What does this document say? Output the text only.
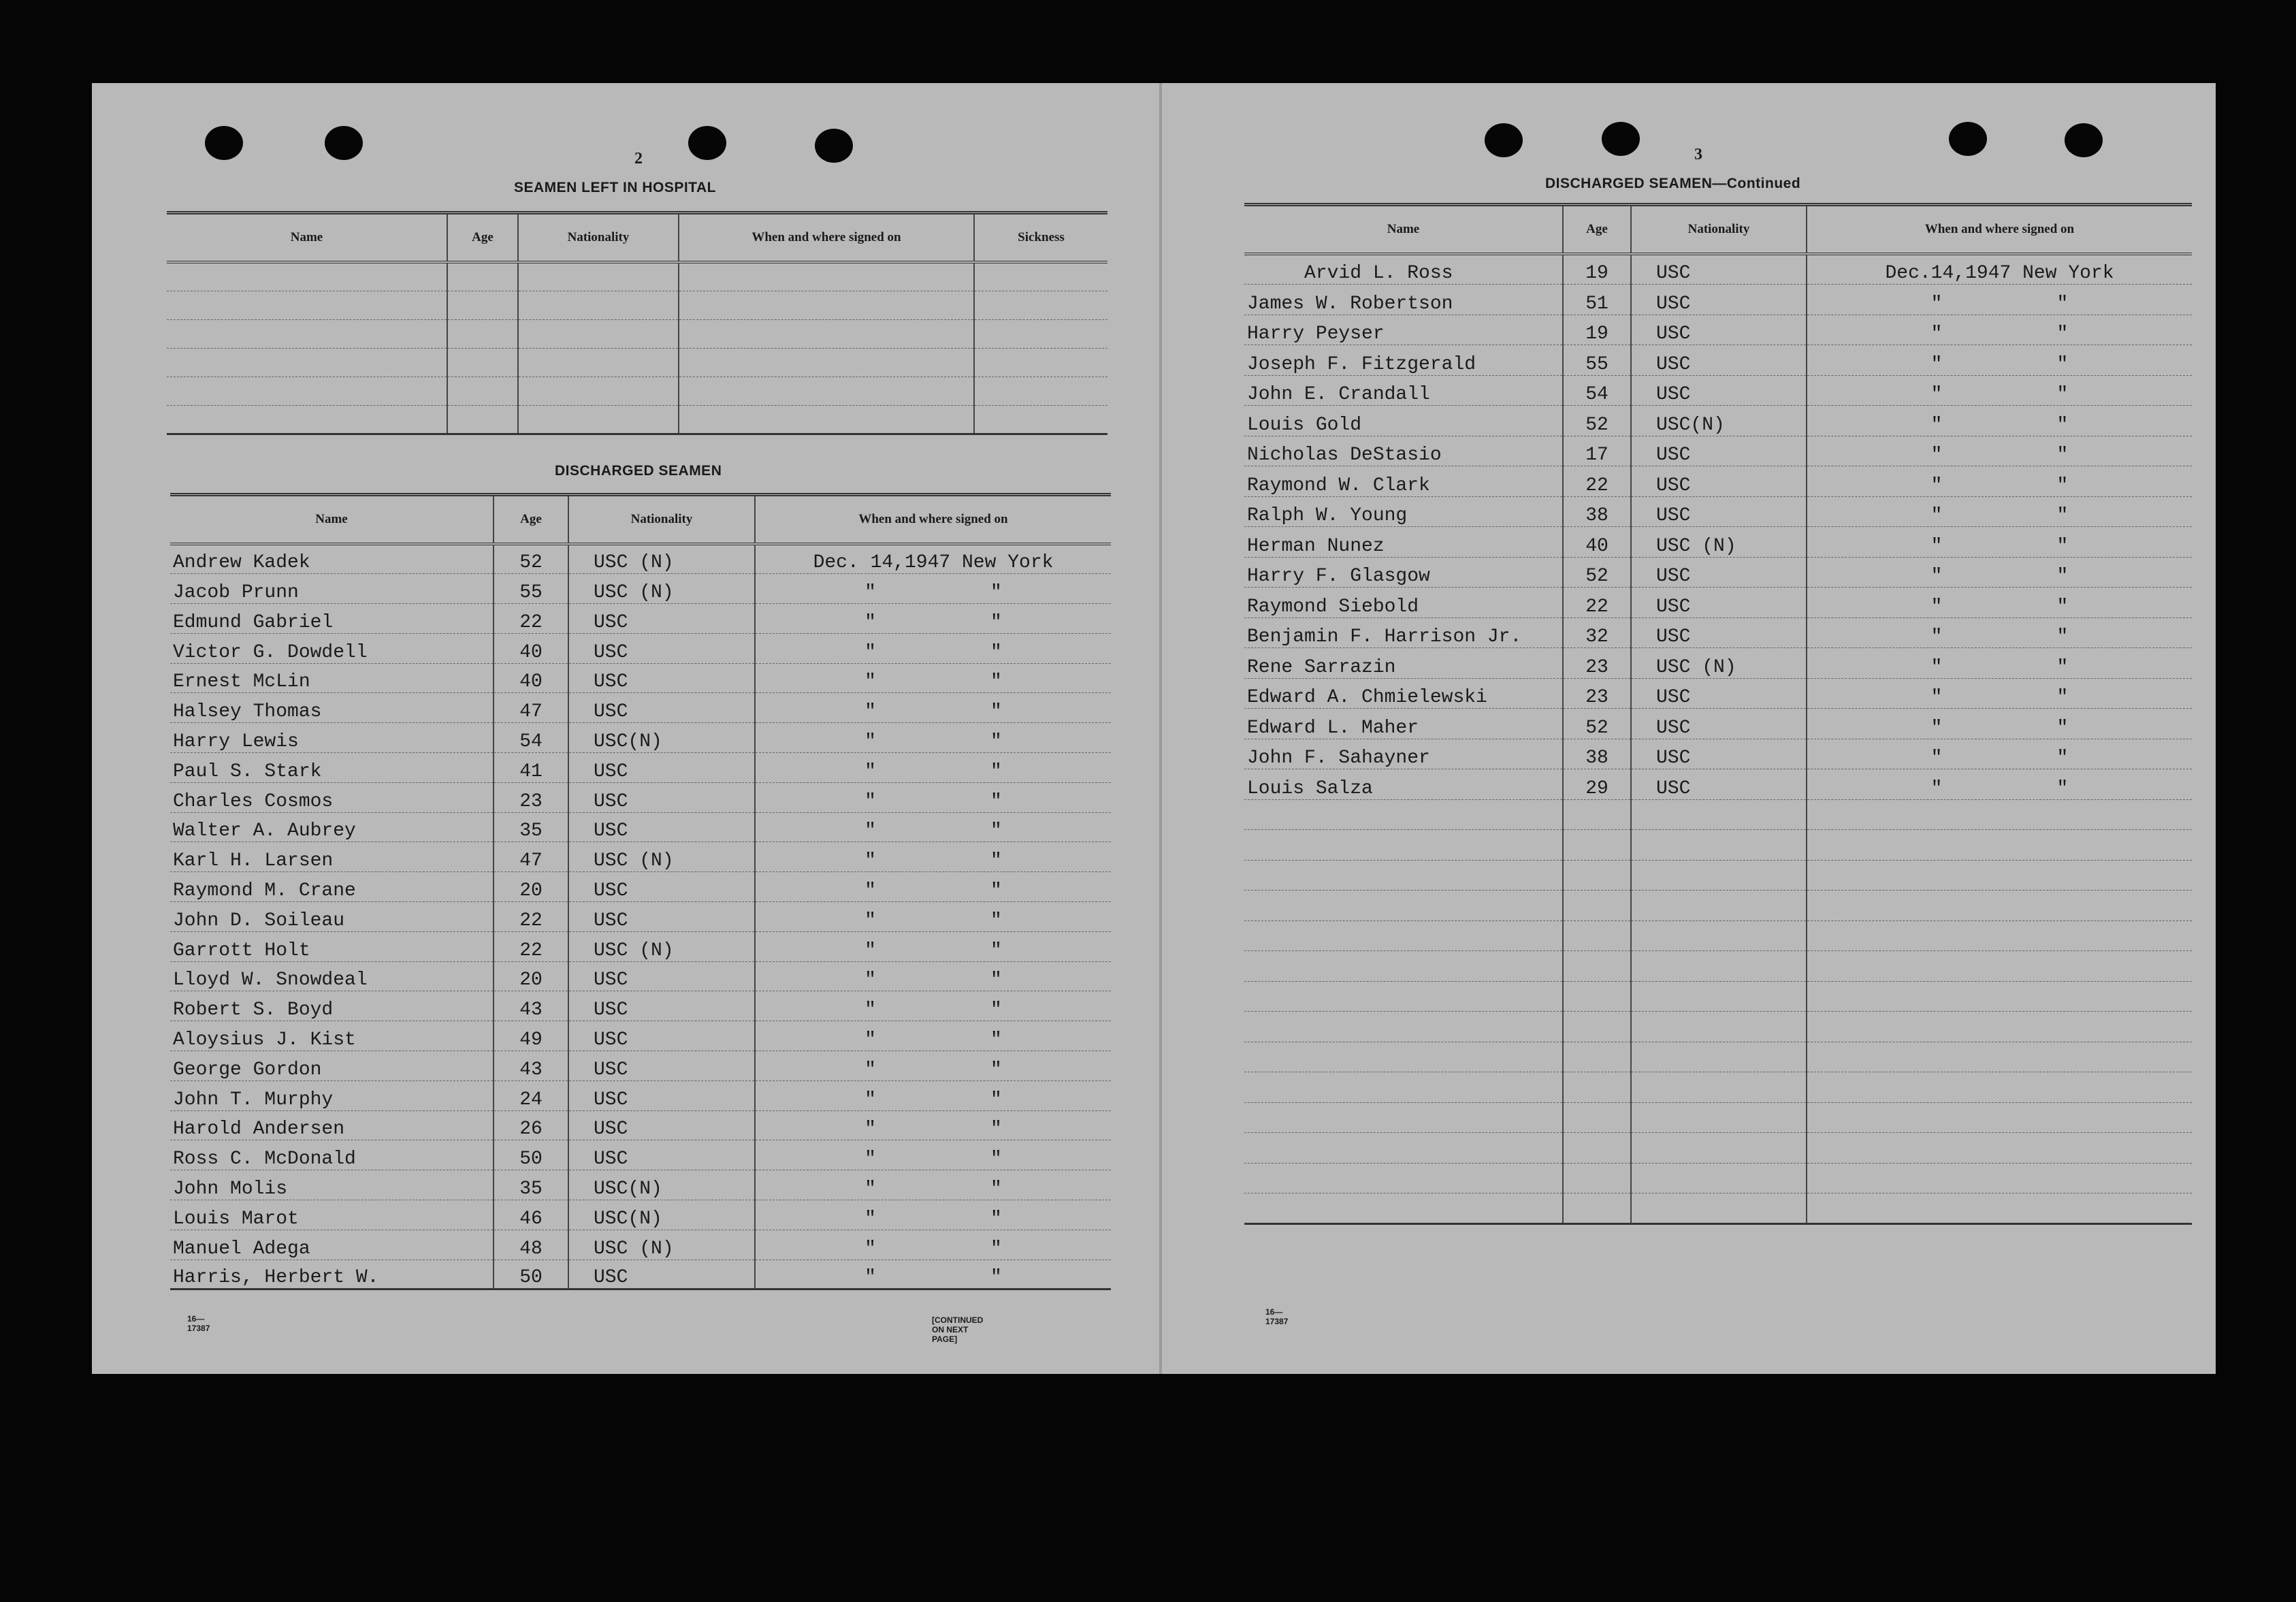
2
SEAMEN LEFT IN HOSPITAL
Name	Age	Nationality	When and where signed on	Sickness

DISCHARGED SEAMEN
Name	Age	Nationality	When and where signed on
Andrew Kadek	52	USC (N)	Dec. 14,1947 New York
Jacob Prunn	55	USC (N)	"          "
Edmund Gabriel	22	USC	"          "
Victor G. Dowdell	40	USC	"          "
Ernest McLin	40	USC	"          "
Halsey Thomas	47	USC	"          "
Harry Lewis	54	USC(N)	"          "
Paul S. Stark	41	USC	"          "
Charles Cosmos	23	USC	"          "
Walter A. Aubrey	35	USC	"          "
Karl H. Larsen	47	USC (N)	"          "
Raymond M. Crane	20	USC	"          "
John D. Soileau	22	USC	"          "
Garrott Holt	22	USC (N)	"          "
Lloyd W. Snowdeal	20	USC	"          "
Robert S. Boyd	43	USC	"          "
Aloysius J. Kist	49	USC	"          "
George Gordon	43	USC	"          "
John T. Murphy	24	USC	"          "
Harold Andersen	26	USC	"          "
Ross C. McDonald	50	USC	"          "
John Molis	35	USC(N)	"          "
Louis Marot	46	USC(N)	"          "
Manuel Adega	48	USC (N)	"          "
Harris, Herbert W.	50	USC	"          "
16—17387
[CONTINUED ON NEXT PAGE]
3
DISCHARGED SEAMEN—Continued
Name	Age	Nationality	When and where signed on
Arvid L. Ross	19	USC	Dec.14,1947 New York
James W. Robertson	51	USC	"          "
Harry Peyser	19	USC	"          "
Joseph F. Fitzgerald	55	USC	"          "
John E. Crandall	54	USC	"          "
Louis Gold	52	USC(N)	"          "
Nicholas DeStasio	17	USC	"          "
Raymond W. Clark	22	USC	"          "
Ralph W. Young	38	USC	"          "
Herman Nunez	40	USC (N)	"          "
Harry F. Glasgow	52	USC	"          "
Raymond Siebold	22	USC	"          "
Benjamin F. Harrison Jr.	32	USC	"          "
Rene Sarrazin	23	USC (N)	"          "
Edward A. Chmielewski	23	USC	"          "
Edward L. Maher	52	USC	"          "
John F. Sahayner	38	USC	"          "
Louis Salza	29	USC	"          "

16—17387
